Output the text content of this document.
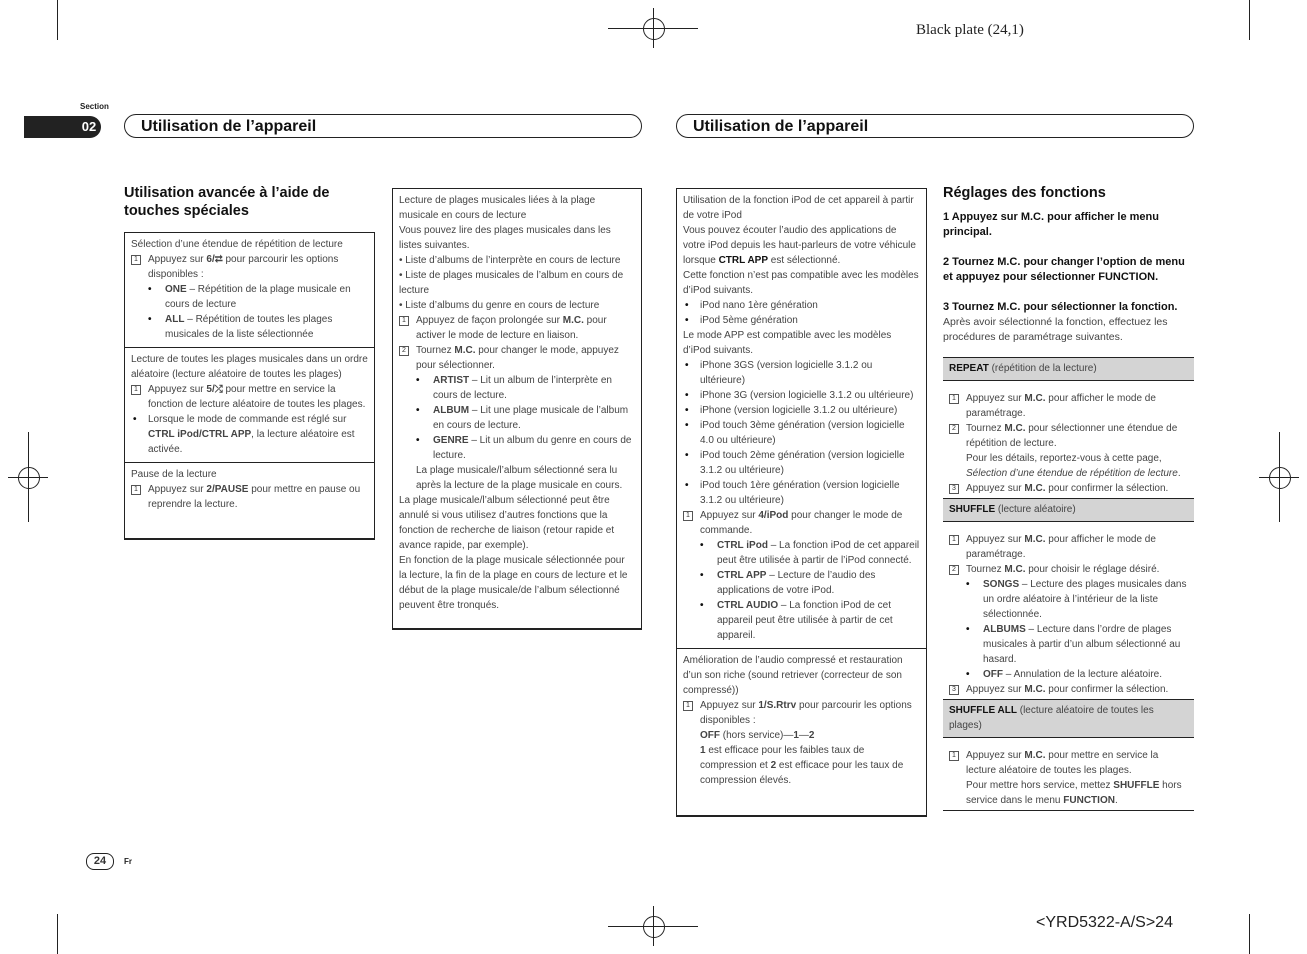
Black plate (24,1)
Section
02	Utilisation de l’appareil	Utilisation de l’appareil
Utilisation avancée à l’aide de touches spéciales
Sélection d’une étendue de répétition de lecture
1	Appuyez sur 6/⮂ pour parcourir les options disponibles :
• ONE – Répétition de la plage musicale en cours de lecture
• ALL – Répétition de toutes les plages musicales de la liste sélectionnée
Lecture de toutes les plages musicales dans un ordre aléatoire (lecture aléatoire de toutes les plages)
1	Appuyez sur 5/⤮ pour mettre en service la fonction de lecture aléatoire de toutes les plages.
• Lorsque le mode de commande est réglé sur CTRL iPod/CTRL APP, la lecture aléatoire est activée.
Pause de la lecture
1	Appuyez sur 2/PAUSE pour mettre en pause ou reprendre la lecture.
Lecture de plages musicales liées à la plage musicale en cours de lecture
Vous pouvez lire des plages musicales dans les listes suivantes.
• Liste d’albums de l’interprète en cours de lecture
• Liste de plages musicales de l’album en cours de lecture
• Liste d’albums du genre en cours de lecture
1	Appuyez de façon prolongée sur M.C. pour activer le mode de lecture en liaison.
2	Tournez M.C. pour changer le mode, appuyez pour sélectionner.
• ARTIST – Lit un album de l’interprète en cours de lecture.
• ALBUM – Lit une plage musicale de l’album en cours de lecture.
• GENRE – Lit un album du genre en cours de lecture.
La plage musicale/l’album sélectionné sera lu après la lecture de la plage musicale en cours.
La plage musicale/l’album sélectionné peut être annulé si vous utilisez d’autres fonctions que la fonction de recherche de liaison (retour rapide et avance rapide, par exemple).
En fonction de la plage musicale sélectionnée pour la lecture, la fin de la plage en cours de lecture et le début de la plage musicale/de l’album sélectionné peuvent être tronqués.
Utilisation de la fonction iPod de cet appareil à partir de votre iPod
Vous pouvez écouter l’audio des applications de votre iPod depuis les haut-parleurs de votre véhicule lorsque CTRL APP est sélectionné.
Cette fonction n’est pas compatible avec les modèles d’iPod suivants.
• iPod nano 1ère génération
• iPod 5ème génération
Le mode APP est compatible avec les modèles d’iPod suivants.
• iPhone 3GS (version logicielle 3.1.2 ou ultérieure)
• iPhone 3G (version logicielle 3.1.2 ou ultérieure)
• iPhone (version logicielle 3.1.2 ou ultérieure)
• iPod touch 3ème génération (version logicielle 4.0 ou ultérieure)
• iPod touch 2ème génération (version logicielle 3.1.2 ou ultérieure)
• iPod touch 1ère génération (version logicielle 3.1.2 ou ultérieure)
1	Appuyez sur 4/iPod pour changer le mode de commande.
• CTRL iPod – La fonction iPod de cet appareil peut être utilisée à partir de l’iPod connecté.
• CTRL APP – Lecture de l’audio des applications de votre iPod.
• CTRL AUDIO – La fonction iPod de cet appareil peut être utilisée à partir de cet appareil.
Amélioration de l’audio compressé et restauration d’un son riche (sound retriever (correcteur de son compressé))
1	Appuyez sur 1/S.Rtrv pour parcourir les options disponibles :
OFF (hors service)—1—2
1 est efficace pour les faibles taux de compression et 2 est efficace pour les taux de compression élevés.
Réglages des fonctions
1 Appuyez sur M.C. pour afficher le menu principal.
2 Tournez M.C. pour changer l’option de menu et appuyez pour sélectionner FUNCTION.
3 Tournez M.C. pour sélectionner la fonction.
Après avoir sélectionné la fonction, effectuez les procédures de paramétrage suivantes.
REPEAT (répétition de la lecture)
1	Appuyez sur M.C. pour afficher le mode de paramétrage.
2	Tournez M.C. pour sélectionner une étendue de répétition de lecture.
Pour les détails, reportez-vous à cette page, Sélection d’une étendue de répétition de lecture.
3	Appuyez sur M.C. pour confirmer la sélection.
SHUFFLE (lecture aléatoire)
1	Appuyez sur M.C. pour afficher le mode de paramétrage.
2	Tournez M.C. pour choisir le réglage désiré.
• SONGS – Lecture des plages musicales dans un ordre aléatoire à l’intérieur de la liste sélectionnée.
• ALBUMS – Lecture dans l’ordre de plages musicales à partir d’un album sélectionné au hasard.
• OFF – Annulation de la lecture aléatoire.
3	Appuyez sur M.C. pour confirmer la sélection.
SHUFFLE ALL (lecture aléatoire de toutes les plages)
1	Appuyez sur M.C. pour mettre en service la lecture aléatoire de toutes les plages.
Pour mettre hors service, mettez SHUFFLE hors service dans le menu FUNCTION.
24	Fr
<YRD5322-A/S>24
